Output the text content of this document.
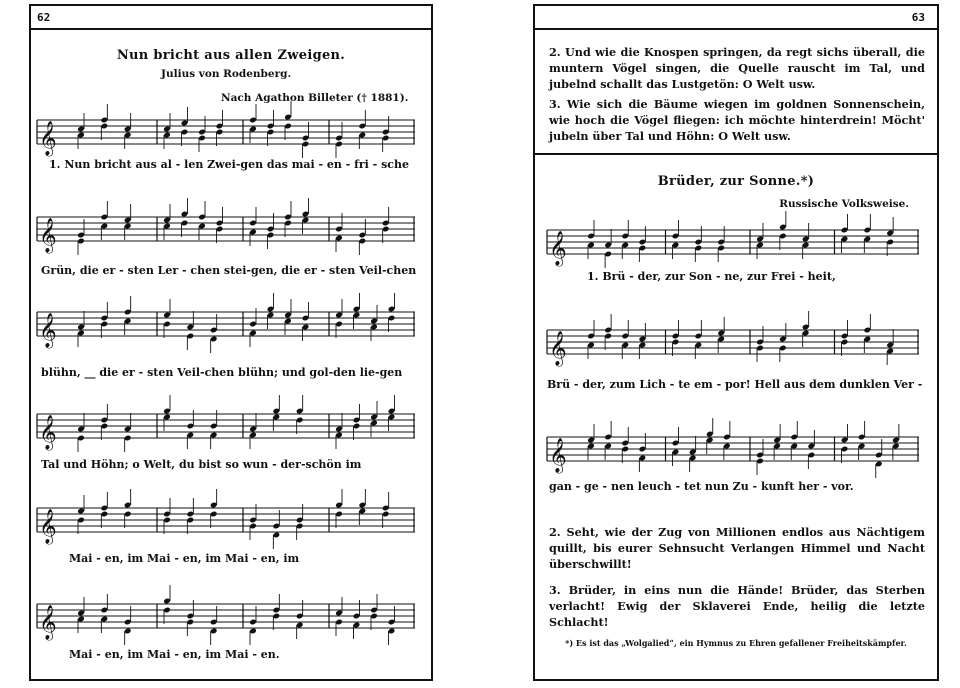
62
Nun bricht aus allen Zweigen.
Julius von Rodenberg.
Nach Agathon Billeter († 1881).
𝄞
1. Nun bricht aus al - len Zwei-gen das mai - en - fri - sche
𝄞
Grün, die er - sten Ler - chen stei-gen, die er - sten Veil-chen
𝄞
blühn, __ die er - sten Veil-chen blühn; und gol-den lie-gen
𝄞
Tal und Höhn; o Welt, du bist so wun - der-schön im
𝄞
Mai - en, im Mai - en, im Mai - en, im
𝄞
Mai - en, im Mai - en, im Mai - en.
63
2. Und wie die Knospen springen, da regt sichs überall, die muntern Vögel singen, die Quelle rauscht im Tal, und jubelnd schallt das Lustgetön: O Welt usw.
3. Wie sich die Bäume wiegen im goldnen Sonnenschein, wie hoch die Vögel fliegen: ich möchte hinterdrein! Möcht' jubeln über Tal und Höhn: O Welt usw.
Brüder, zur Sonne.*)
Russische Volksweise.
𝄞
1. Brü - der, zur Son - ne, zur Frei - heit,
𝄞
Brü - der, zum Lich - te em - por! Hell aus dem dunklen Ver -
𝄞
gan - ge - nen leuch - tet nun Zu - kunft her - vor.
2. Seht, wie der Zug von Millionen endlos aus Nächtigem quillt, bis eurer Sehnsucht Verlangen Himmel und Nacht überschwillt!
3. Brüder, in eins nun die Hände! Brüder, das Sterben verlacht! Ewig der Sklaverei Ende, heilig die letzte Schlacht!
*) Es ist das „Wolgalied“, ein Hymnus zu Ehren gefallener Freiheitskämpfer.
